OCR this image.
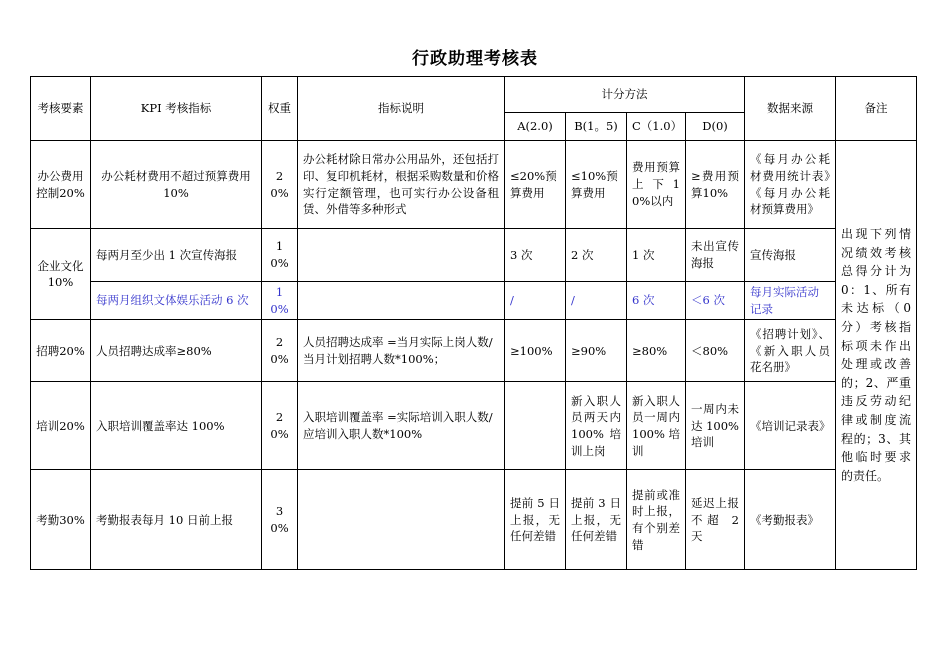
行政助理考核表
考核要素	KPI 考核指标	权重	指标说明	计分方法				数据来源	备注
				A(2.0)	B(1。5)	C（1.0）	D(0)		
办公费用控制20%	办公耗材费用不超过预算费用 10%	20%	办公耗材除日常办公用品外，还包括打印、复印机耗材，根据采购数量和价格实行定额管理，也可实行办公设备租赁、外借等多种形式	≤20%预算费用	≤10%预算费用	费用预算上下10%以内	≥费用预算10%	《每月办公耗材费用统计表》《每月办公耗材预算费用》	出现下列情况绩效考核总得分计为 0：1、所有未达标（0 分）考核指标项未作出处理或改善的；2、严重违反劳动纪律或制度流程的；3、其他临时要求的责任。
企业文化 10%	每两月至少出 1 次宣传海报	10%		3 次	2 次	1 次	未出宣传海报	宣传海报	
	每两月组织文体娱乐活动 6 次	10%		/	/	6 次	＜6 次	每月实际活动记录	
招聘20%	人员招聘达成率≥80%	20%	人员招聘达成率 =当月实际上岗人数/当月计划招聘人数*100%；	≥100%	≥90%	≥80%	＜80%	《招聘计划》、《新入职人员花名册》	
培训20%	入职培训覆盖率达 100%	20%	入职培训覆盖率 =实际培训入职人数/应培训入职人数*100%		新入职人员两天内100%培训上岗	新入职人员一周内100%培训	一周内未达100%培训	《培训记录表》	
考勤30%	考勤报表每月 10 日前上报	30%		提前 5 日上报，无任何差错	提前 3 日上报，无任何差错	提前或准时上报，有个别差错	延迟上报不超 2 天	《考勤报表》	
